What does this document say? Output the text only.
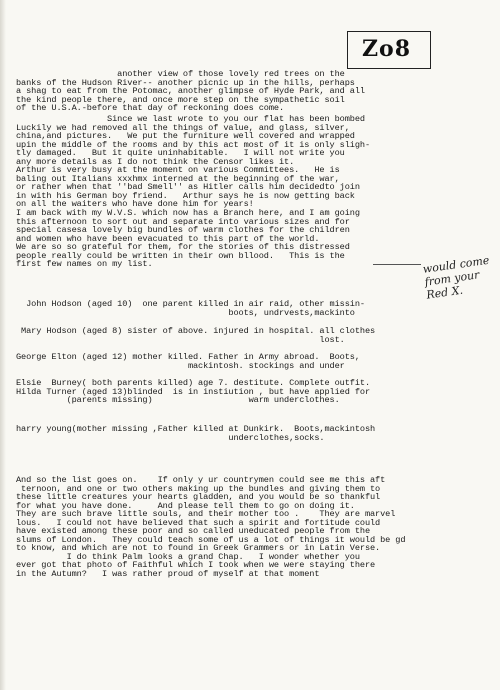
Zo8
another view of those lovely red trees on the
banks of the Hudson River-- another picnic up in the hills, perhaps
a shag to eat from the Potomac, another glimpse of Hyde Park, and all
the kind people there, and once more step on the sympathetic soil
of the U.S.A.-before that day of reckoning does come.
Since we last wrote to you our flat has been bombed
Luckily we had removed all the things of value, and glass, silver,
china,and pictures.   We put the furniture well covered and wrapped
upin the middle of the rooms and by this act most of it is only sligh-
tly damaged.   But it quite uninhabitable.   I will not write you
any more details as I do not think the Censor likes it.
Arthur is very busy at the moment on various Committees.   He is
baling out Italians xxxhmx interned at the beginning of the war,
or rather when that ''bad Smell'' as Hitler calls him decidedto join
in with his German boy friend.   Arthur says he is now getting back
on all the waiters who have done him for years!
I am back with my W.V.S. which now has a Branch here, and I am going
this afternoon to sort out and separate into various sizes and for
special casesa lovely big bundles of warm clothes for the children
and women who have been evacuated to this part of the world.
We are so so grateful for them, for the stories of this distressed
people really could be written in their own bllood.   This is the
first few names on my list.
John Hodson (aged 10)  one parent killed in air raid, other missin-
boots, undrvests,mackinto
Mary Hodson (aged 8) sister of above. injured in hospital. all clothes
lost.
George Elton (aged 12) mother killed. Father in Army abroad.  Boots,
mackintosh. stockings and under
Elsie  Burney( both parents killed) age 7. destitute. Complete outfit.
Hilda Turner (aged 13)blinded  is in instiution , but have applied for
(parents missing)                   warm underclothes.
harry young(mother missing ,Father killed at Dunkirk.  Boots,mackintosh
underclothes,socks.
And so the list goes on.    If only y ur countrymen could see me this aft
ternoon, and one or two others making up the bundles and giving them to
these little creatures your hearts gladden, and you would be so thankful
for what you have done.     And please tell them to go on doing it.
They are such brave little souls, and their mother too .    They are marvel
lous.   I could not have believed that such a spirit and fortitude could
have existed among these poor and so called uneducated people from the
slums of London.   They could teach some of us a lot of things it would be gd
to know, and which are not to found in Greek Grammers or in Latin Verse.
I do think Palm looks a grand Chap.   I wonder whether you
ever got that photo of Faithful which I took when we were staying there
in the Autumn?   I was rather proud of myself at that moment
would come
from your
Red X.
